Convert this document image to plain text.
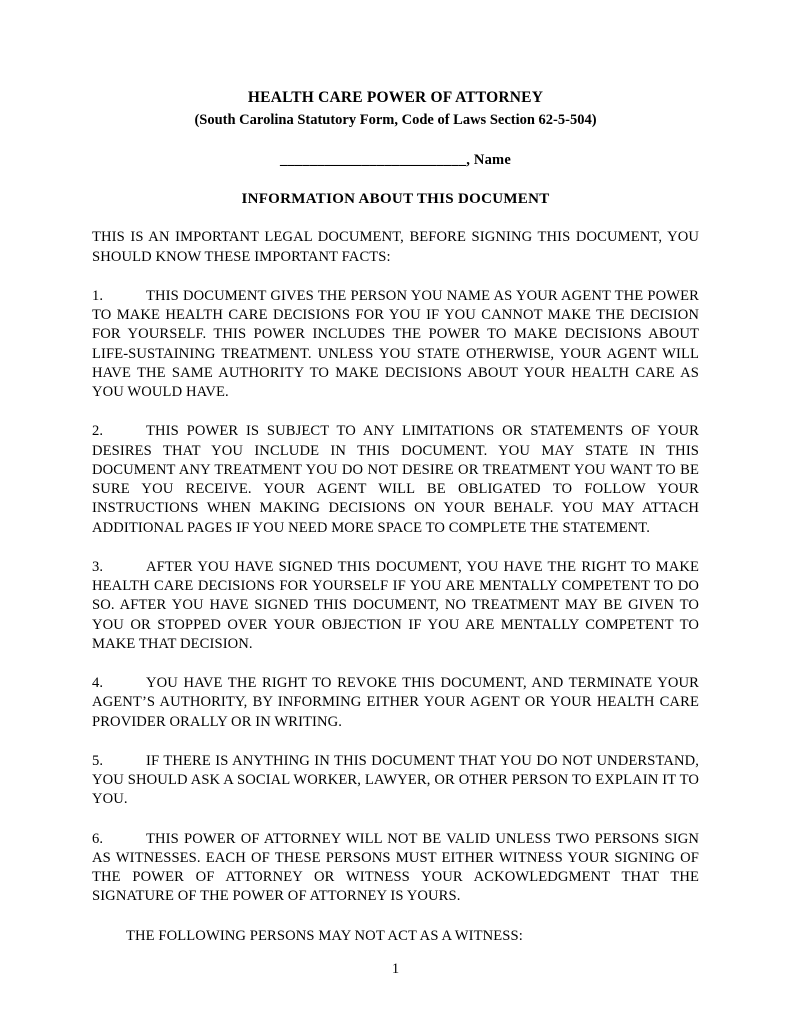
HEALTH CARE POWER OF ATTORNEY
(South Carolina Statutory Form, Code of Laws Section 62-5-504)
_________________________, Name
INFORMATION ABOUT THIS DOCUMENT
THIS IS AN IMPORTANT LEGAL DOCUMENT, BEFORE SIGNING THIS DOCUMENT, YOU SHOULD KNOW THESE IMPORTANT FACTS:
1.	THIS DOCUMENT GIVES THE PERSON YOU NAME AS YOUR AGENT THE POWER TO MAKE HEALTH CARE DECISIONS FOR YOU IF YOU CANNOT MAKE THE DECISION FOR YOURSELF. THIS POWER INCLUDES THE POWER TO MAKE DECISIONS ABOUT LIFE-SUSTAINING TREATMENT. UNLESS YOU STATE OTHERWISE, YOUR AGENT WILL HAVE THE SAME AUTHORITY TO MAKE DECISIONS ABOUT YOUR HEALTH CARE AS YOU WOULD HAVE.
2.	THIS POWER IS SUBJECT TO ANY LIMITATIONS OR STATEMENTS OF YOUR DESIRES THAT YOU INCLUDE IN THIS DOCUMENT. YOU MAY STATE IN THIS DOCUMENT ANY TREATMENT YOU DO NOT DESIRE OR TREATMENT YOU WANT TO BE SURE YOU RECEIVE. YOUR AGENT WILL BE OBLIGATED TO FOLLOW YOUR INSTRUCTIONS WHEN MAKING DECISIONS ON YOUR BEHALF. YOU MAY ATTACH ADDITIONAL PAGES IF YOU NEED MORE SPACE TO COMPLETE THE STATEMENT.
3.	AFTER YOU HAVE SIGNED THIS DOCUMENT, YOU HAVE THE RIGHT TO MAKE HEALTH CARE DECISIONS FOR YOURSELF IF YOU ARE MENTALLY COMPETENT TO DO SO. AFTER YOU HAVE SIGNED THIS DOCUMENT, NO TREATMENT MAY BE GIVEN TO YOU OR STOPPED OVER YOUR OBJECTION IF YOU ARE MENTALLY COMPETENT TO MAKE THAT DECISION.
4.	YOU HAVE THE RIGHT TO REVOKE THIS DOCUMENT, AND TERMINATE YOUR AGENT’S AUTHORITY, BY INFORMING EITHER YOUR AGENT OR YOUR HEALTH CARE PROVIDER ORALLY OR IN WRITING.
5.	IF THERE IS ANYTHING IN THIS DOCUMENT THAT YOU DO NOT UNDERSTAND, YOU SHOULD ASK A SOCIAL WORKER, LAWYER, OR OTHER PERSON TO EXPLAIN IT TO YOU.
6.	THIS POWER OF ATTORNEY WILL NOT BE VALID UNLESS TWO PERSONS SIGN AS WITNESSES. EACH OF THESE PERSONS MUST EITHER WITNESS YOUR SIGNING OF THE POWER OF ATTORNEY OR WITNESS YOUR ACKOWLEDGMENT THAT THE SIGNATURE OF THE POWER OF ATTORNEY IS YOURS.
THE FOLLOWING PERSONS MAY NOT ACT AS A WITNESS:
1
